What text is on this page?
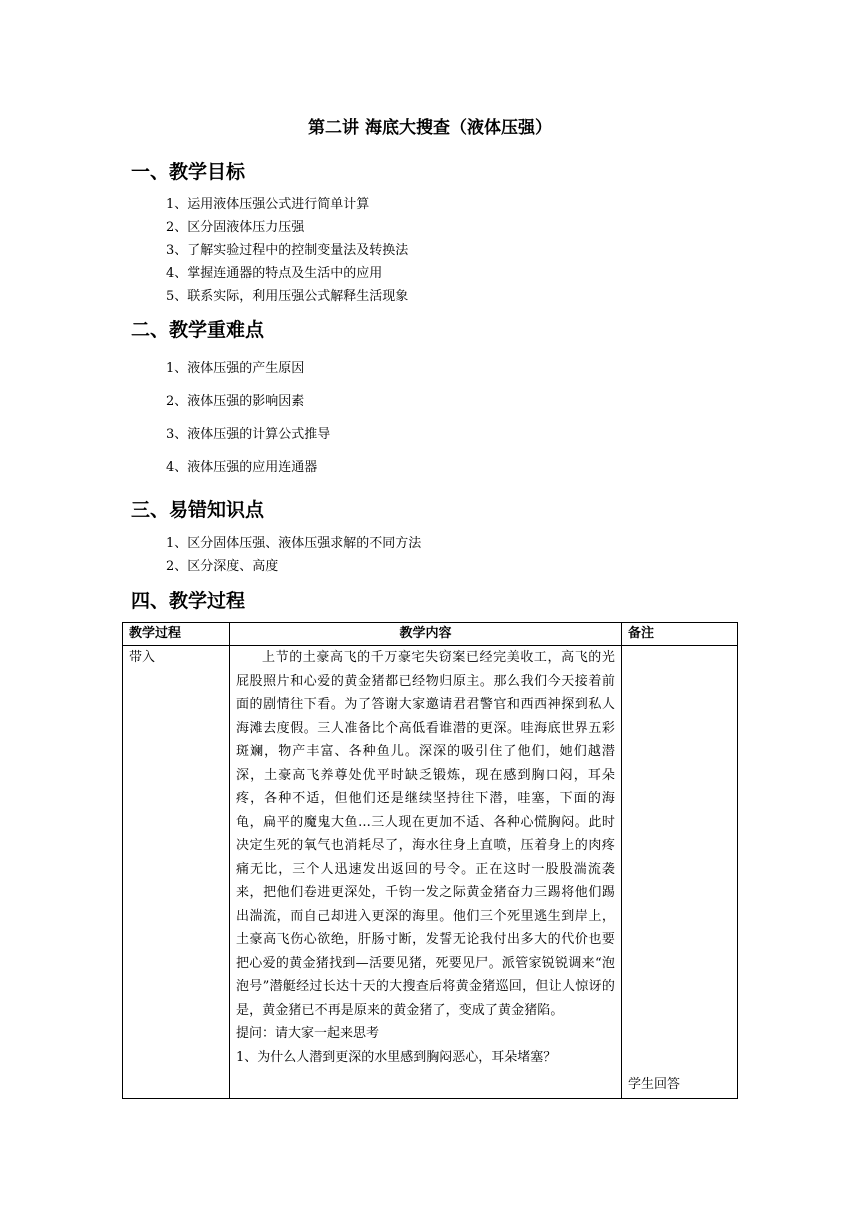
第二讲 海底大搜查（液体压强）
一、教学目标
1、运用液体压强公式进行简单计算
2、区分固液体压力压强
3、了解实验过程中的控制变量法及转换法
4、掌握连通器的特点及生活中的应用
5、联系实际，利用压强公式解释生活现象
二、教学重难点
1、液体压强的产生原因
2、液体压强的影响因素
3、液体压强的计算公式推导
4、液体压强的应用连通器
三、易错知识点
1、区分固体压强、液体压强求解的不同方法
2、区分深度、高度
四、教学过程
教学过程	教学内容	备注

带入	上节的土豪高飞的千万豪宅失窃案已经完美收工，高飞的光屁股照片和心爱的黄金猪都已经物归原主。那么我们今天接着前面的剧情往下看。为了答谢大家邀请君君警官和西西神探到私人海滩去度假。三人准备比个高低看谁潜的更深。哇海底世界五彩斑斓，物产丰富、各种鱼儿。深深的吸引住了他们，她们越潜深，土豪高飞养尊处优平时缺乏锻炼，现在感到胸口闷，耳朵疼，各种不适，但他们还是继续坚持往下潜，哇塞，下面的海龟，扁平的魔鬼大鱼...三人现在更加不适、各种心慌胸闷。此时决定生死的氧气也消耗尽了，海水往身上直喷，压着身上的肉疼痛无比，三个人迅速发出返回的号令。正在这时一股股湍流袭来，把他们卷进更深处，千钧一发之际黄金猪奋力三踢将他们踢出湍流，而自己却进入更深的海里。他们三个死里逃生到岸上，土豪高飞伤心欲绝，肝肠寸断，发誓无论我付出多大的代价也要把心爱的黄金猪找到—活要见猪，死要见尸。派管家锐锐调来“泡泡号”潜艇经过长达十天的大搜查后将黄金猪巡回，但让人惊讶的是，黄金猪已不再是原来的黄金猪了，变成了黄金猪陷。

提问：请大家一起来思考

1、为什么人潜到更深的水里感到胸闷恶心，耳朵堵塞？	学生回答
